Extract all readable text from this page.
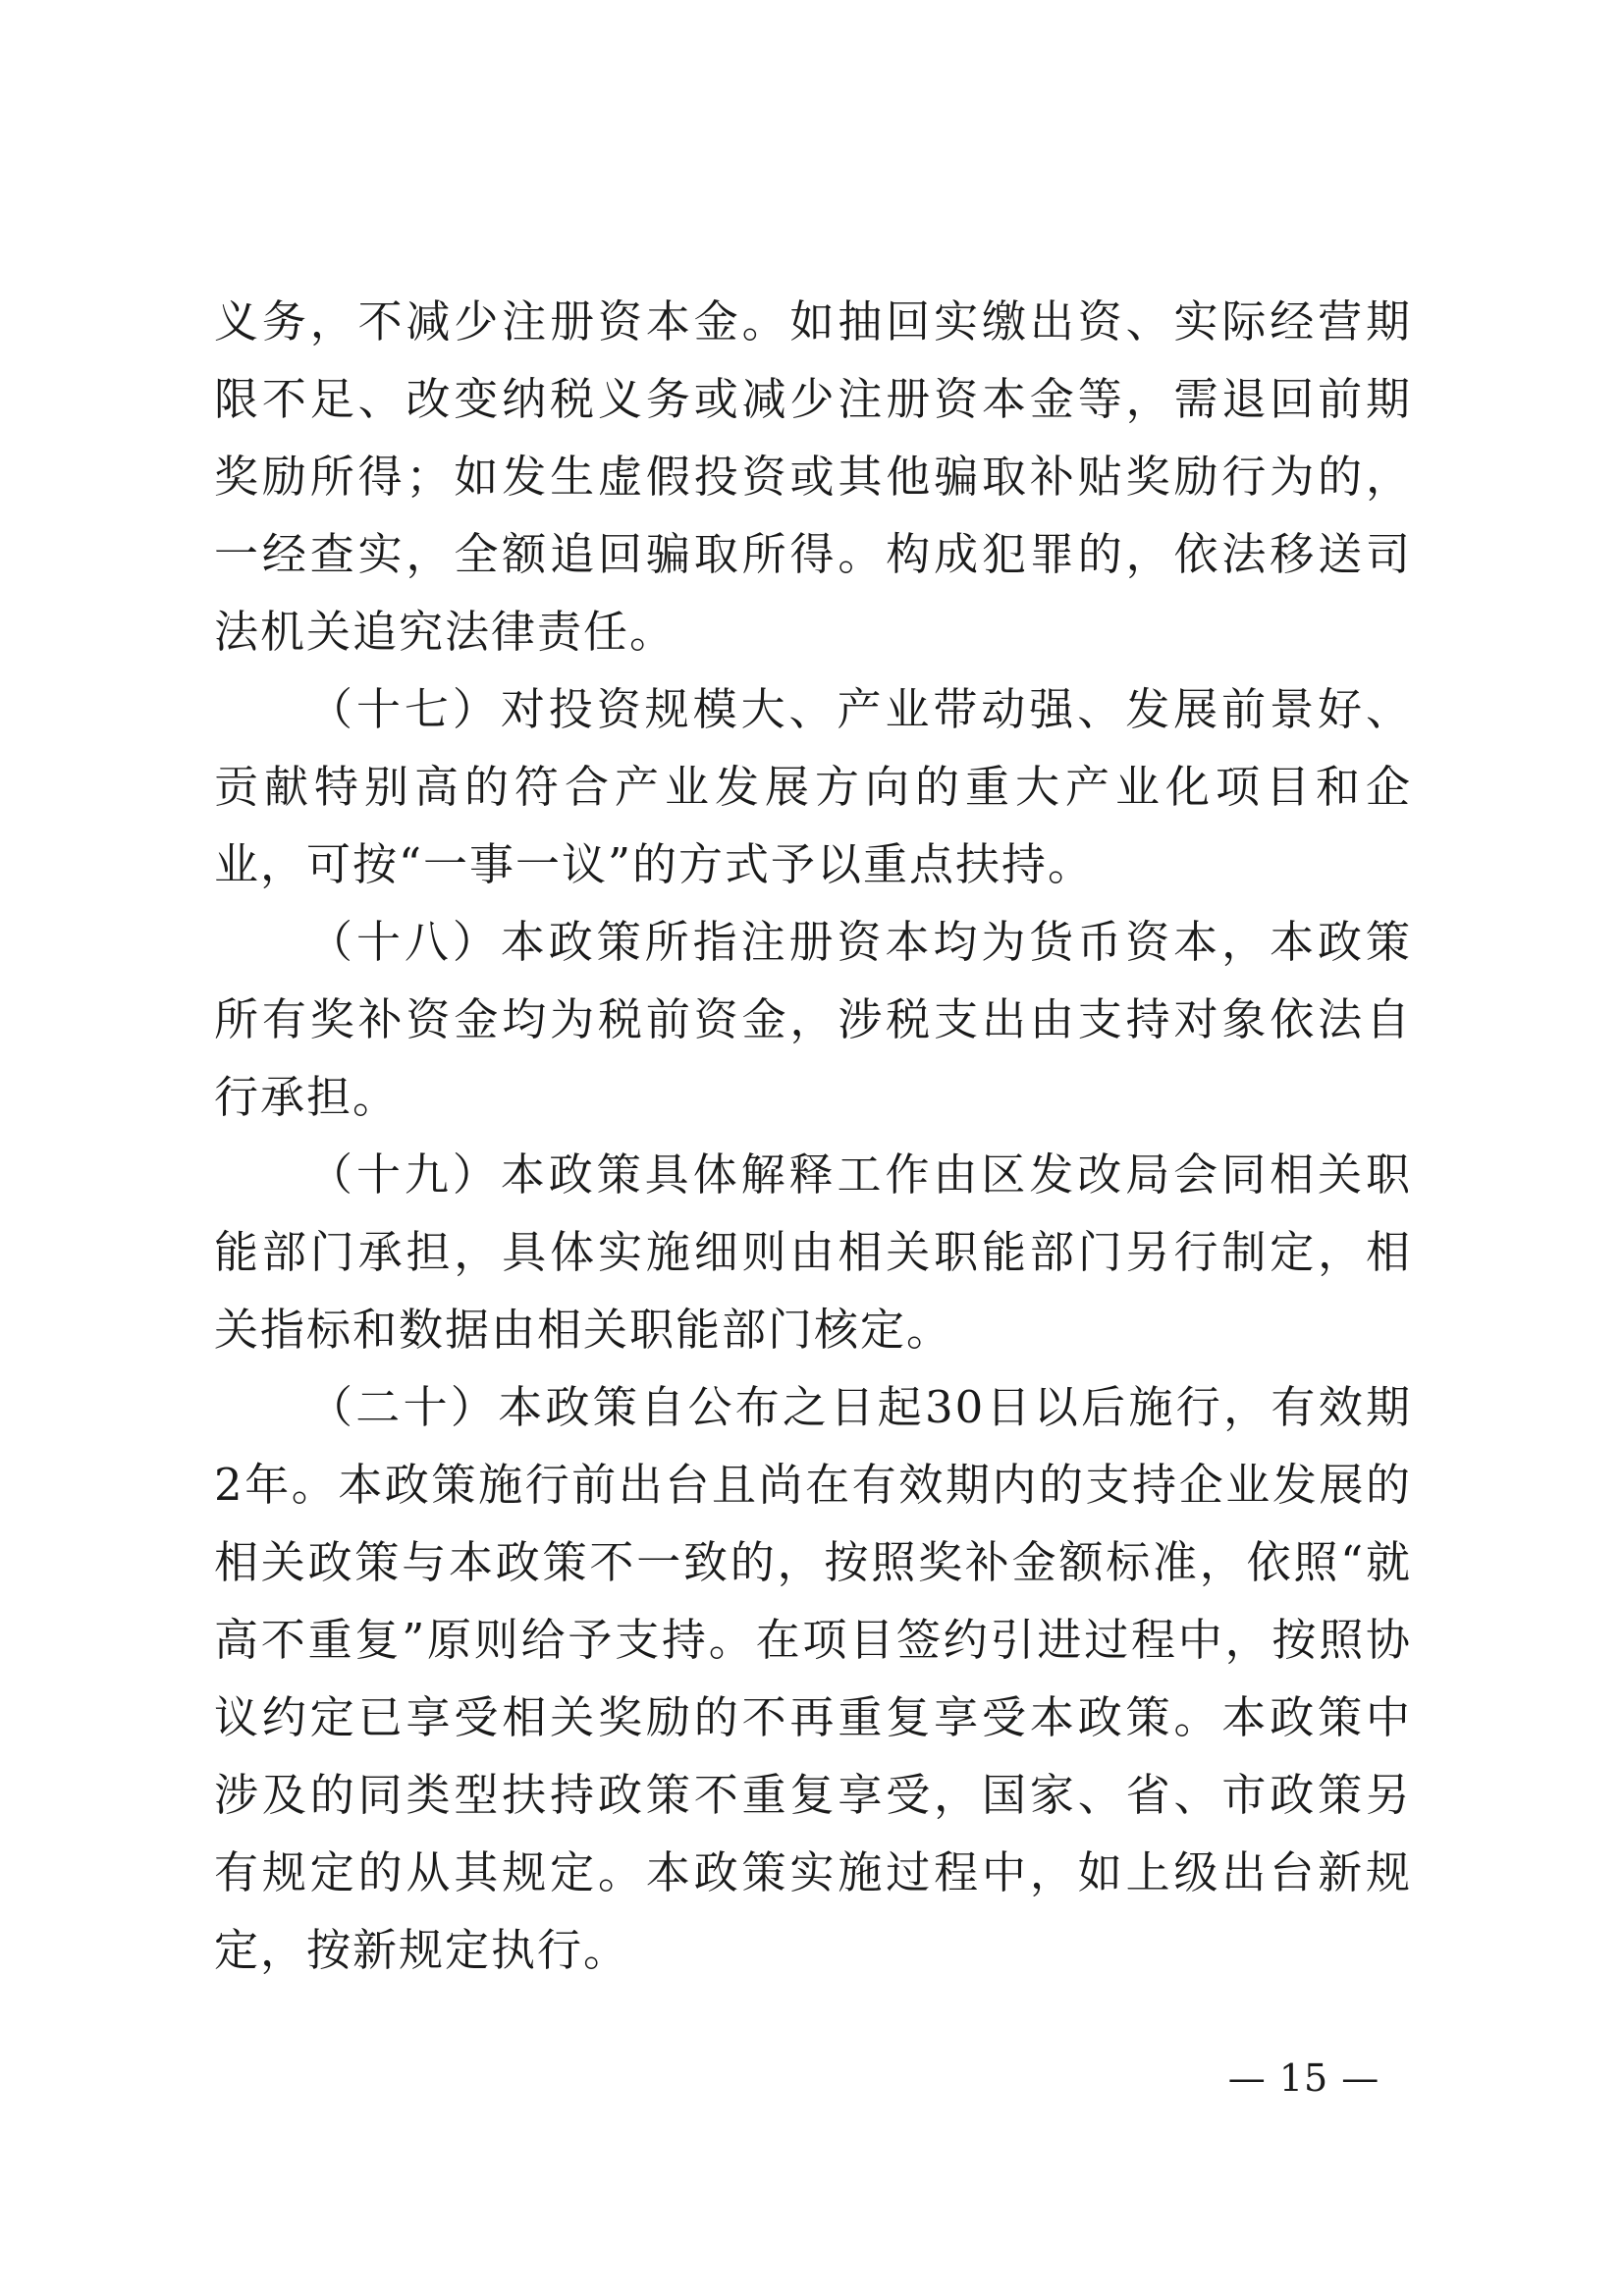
义务，不减少注册资本金。如抽回实缴出资、实际经营期限不足、改变纳税义务或减少注册资本金等，需退回前期奖励所得；如发生虚假投资或其他骗取补贴奖励行为的，一经查实，全额追回骗取所得。构成犯罪的，依法移送司法机关追究法律责任。

（十七）对投资规模大、产业带动强、发展前景好、贡献特别高的符合产业发展方向的重大产业化项目和企业，可按“一事一议”的方式予以重点扶持。

（十八）本政策所指注册资本均为货币资本，本政策所有奖补资金均为税前资金，涉税支出由支持对象依法自行承担。

（十九）本政策具体解释工作由区发改局会同相关职能部门承担，具体实施细则由相关职能部门另行制定，相关指标和数据由相关职能部门核定。

（二十）本政策自公布之日起30日以后施行，有效期2年。本政策施行前出台且尚在有效期内的支持企业发展的相关政策与本政策不一致的，按照奖补金额标准，依照“就高不重复”原则给予支持。在项目签约引进过程中，按照协议约定已享受相关奖励的不再重复享受本政策。本政策中涉及的同类型扶持政策不重复享受，国家、省、市政策另有规定的从其规定。本政策实施过程中，如上级出台新规定，按新规定执行。

— 15 —
